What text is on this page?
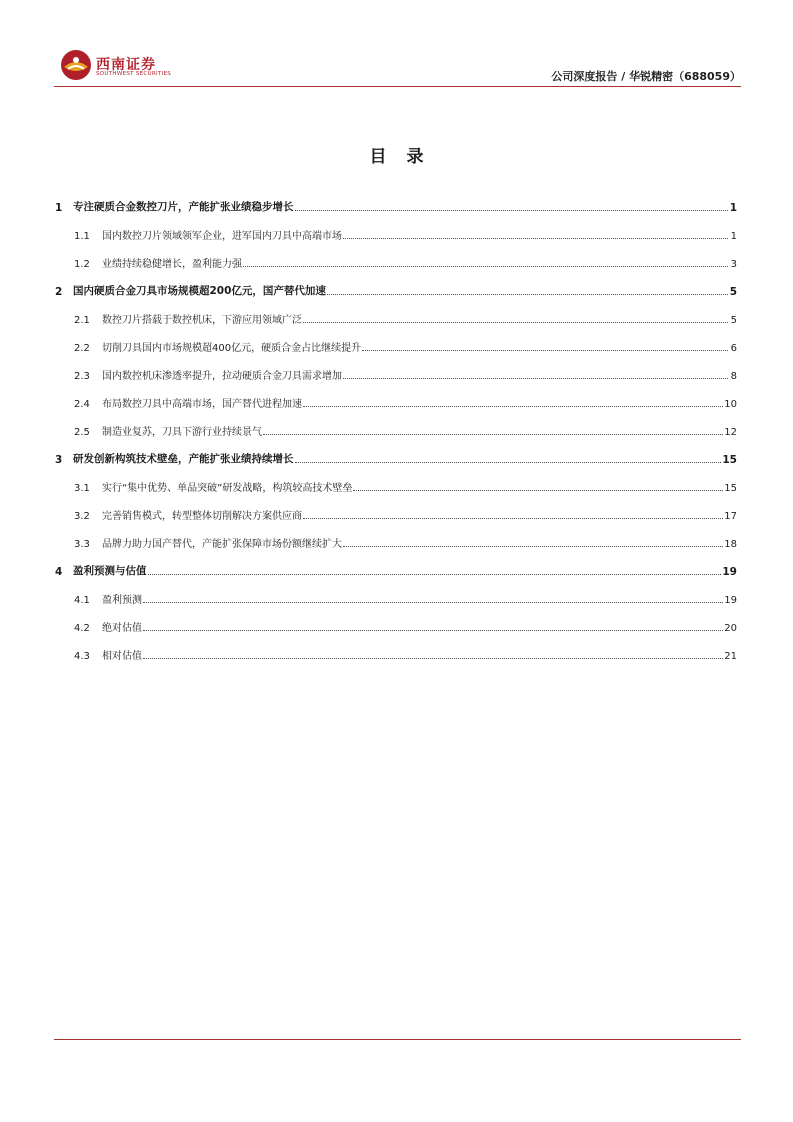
西南证券
SOUTHWEST SECURITIES	公司深度报告 / 华锐精密（688059）
目 录
1	专注硬质合金数控刀片，产能扩张业绩稳步增长	1
1.1	国内数控刀片领域领军企业，进军国内刀具中高端市场	1
1.2	业绩持续稳健增长，盈利能力强	3
2	国内硬质合金刀具市场规模超200亿元，国产替代加速	5
2.1	数控刀片搭载于数控机床，下游应用领域广泛	5
2.2	切削刀具国内市场规模超400亿元，硬质合金占比继续提升	6
2.3	国内数控机床渗透率提升，拉动硬质合金刀具需求增加	8
2.4	布局数控刀具中高端市场，国产替代进程加速	10
2.5	制造业复苏，刀具下游行业持续景气	12
3	研发创新构筑技术壁垒，产能扩张业绩持续增长	15
3.1	实行“集中优势、单品突破”研发战略，构筑较高技术壁垒	15
3.2	完善销售模式，转型整体切削解决方案供应商	17
3.3	品牌力助力国产替代，产能扩张保障市场份额继续扩大	18
4	盈利预测与估值	19
4.1	盈利预测	19
4.2	绝对估值	20
4.3	相对估值	21
